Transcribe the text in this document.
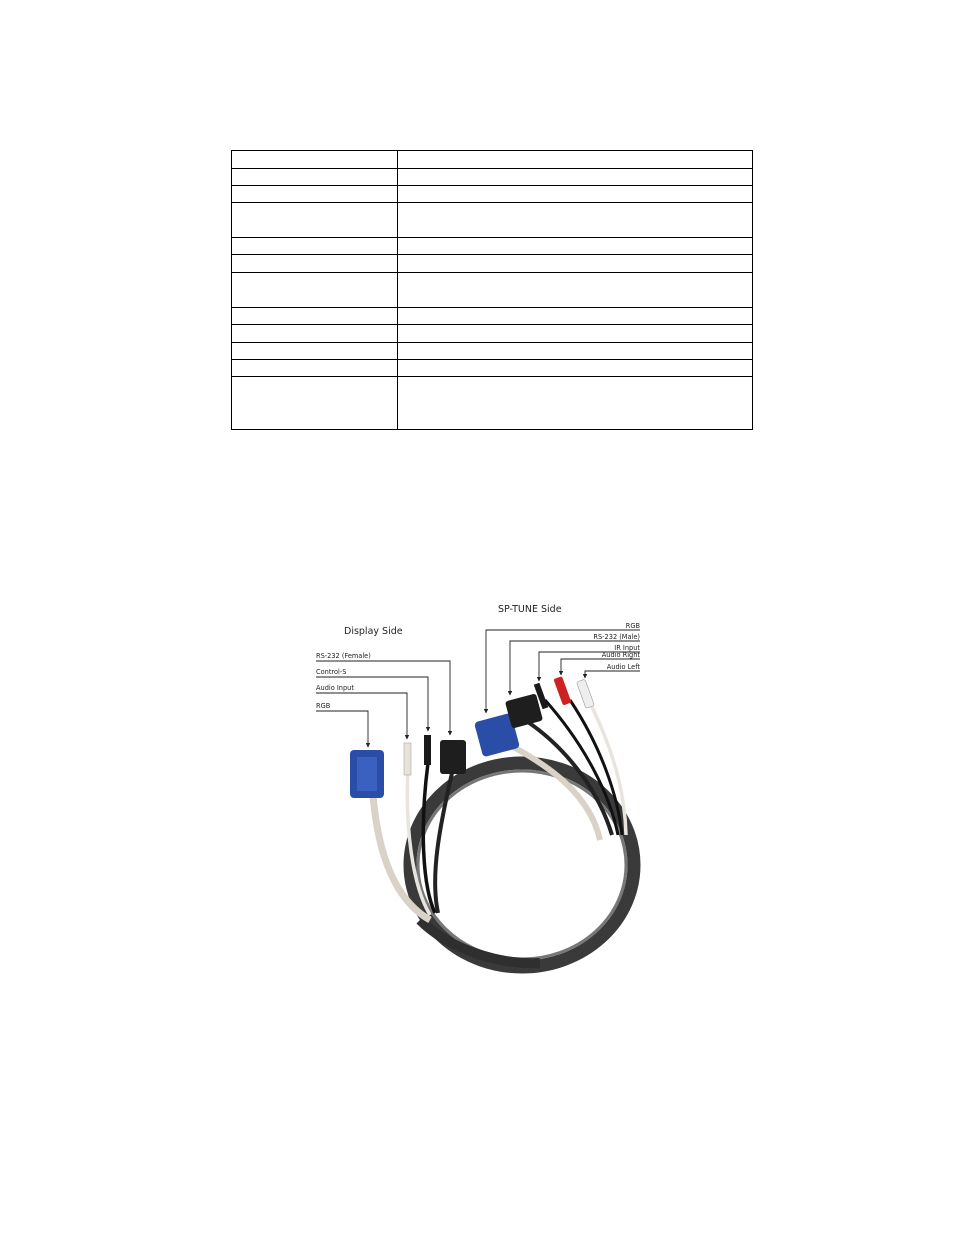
Display Side
SP-TUNE Side
RS-232 (Female)
Control-S
Audio Input
RGB
RGB
RS-232 (Male)
IR Input
Audio Right
Audio Left
